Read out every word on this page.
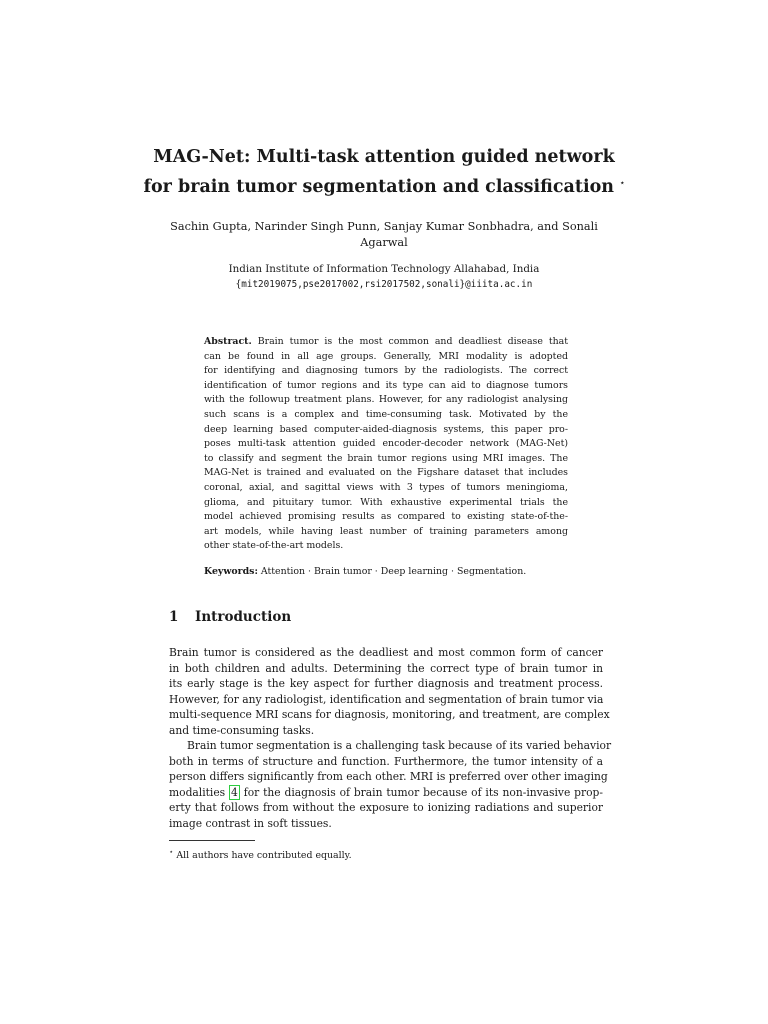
MAG-Net: Multi-task attention guided network
for brain tumor segmentation and classification ⋆
Sachin Gupta, Narinder Singh Punn, Sanjay Kumar Sonbhadra, and Sonali
Agarwal
Indian Institute of Information Technology Allahabad, India
{mit2019075,pse2017002,rsi2017502,sonali}@iiita.ac.in
Abstract. Brain tumor is the most common and deadliest disease that
can be found in all age groups. Generally, MRI modality is adopted
for identifying and diagnosing tumors by the radiologists. The correct
identification of tumor regions and its type can aid to diagnose tumors
with the followup treatment plans. However, for any radiologist analysing
such scans is a complex and time-consuming task. Motivated by the
deep learning based computer-aided-diagnosis systems, this paper pro-
poses multi-task attention guided encoder-decoder network (MAG-Net)
to classify and segment the brain tumor regions using MRI images. The
MAG-Net is trained and evaluated on the Figshare dataset that includes
coronal, axial, and sagittal views with 3 types of tumors meningioma,
glioma, and pituitary tumor. With exhaustive experimental trials the
model achieved promising results as compared to existing state-of-the-
art models, while having least number of training parameters among
other state-of-the-art models.
Keywords: Attention · Brain tumor · Deep learning · Segmentation.
1 Introduction
Brain tumor is considered as the deadliest and most common form of cancer
in both children and adults. Determining the correct type of brain tumor in
its early stage is the key aspect for further diagnosis and treatment process.
However, for any radiologist, identification and segmentation of brain tumor via
multi-sequence MRI scans for diagnosis, monitoring, and treatment, are complex
and time-consuming tasks.
Brain tumor segmentation is a challenging task because of its varied behavior
both in terms of structure and function. Furthermore, the tumor intensity of a
person differs significantly from each other. MRI is preferred over other imaging
modalities 4 for the diagnosis of brain tumor because of its non-invasive prop-
erty that follows from without the exposure to ionizing radiations and superior
image contrast in soft tissues.
⋆ All authors have contributed equally.
